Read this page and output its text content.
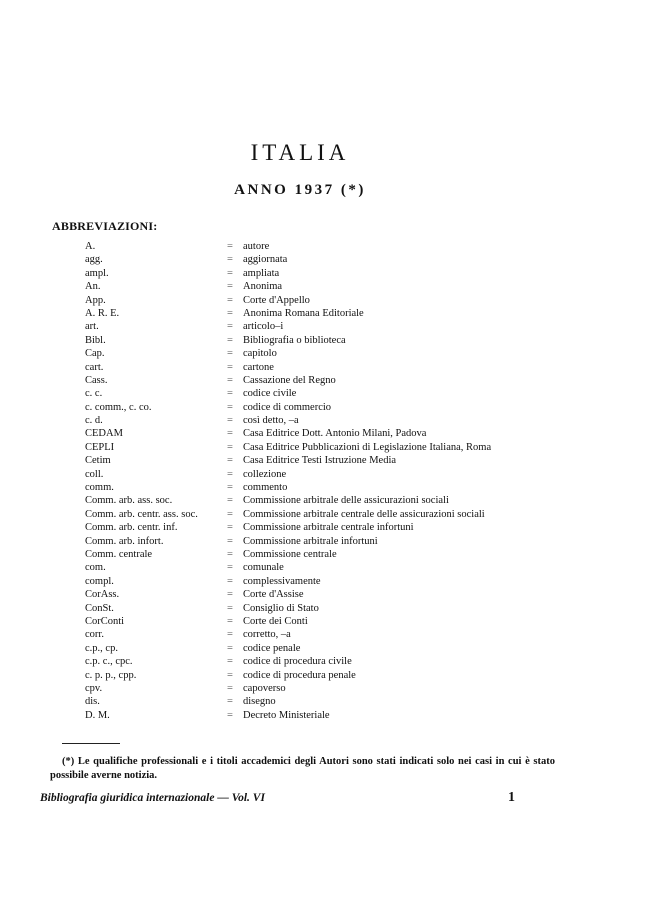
ITALIA
ANNO 1937 (*)
ABBREVIAZIONI:
A.	= autore
agg.	= aggiornata
ampl.	= ampliata
An.	= Anonima
App.	= Corte d'Appello
A. R. E.	= Anonima Romana Editoriale
art.	= articolo–i
Bibl.	= Bibliografia o biblioteca
Cap.	= capitolo
cart.	= cartone
Cass.	= Cassazione del Regno
c. c.	= codice civile
c. comm., c. co.	= codice di commercio
c. d.	= così detto, –a
CEDAM	= Casa Editrice Dott. Antonio Milani, Padova
CEPLI	= Casa Editrice Pubblicazioni di Legislazione Italiana, Roma
Cetim	= Casa Editrice Testi Istruzione Media
coll.	= collezione
comm.	= commento
Comm. arb. ass. soc.	= Commissione arbitrale delle assicurazioni sociali
Comm. arb. centr. ass. soc.	= Commissione arbitrale centrale delle assicurazioni sociali
Comm. arb. centr. inf.	= Commissione arbitrale centrale infortuni
Comm. arb. infort.	= Commissione arbitrale infortuni
Comm. centrale	= Commissione centrale
com.	= comunale
compl.	= complessivamente
CorAss.	= Corte d'Assise
ConSt.	= Consiglio di Stato
CorConti	= Corte dei Conti
corr.	= corretto, –a
c.p., cp.	= codice penale
c.p. c., cpc.	= codice di procedura civile
c. p. p., cpp.	= codice di procedura penale
cpv.	= capoverso
dis.	= disegno
D. M.	= Decreto Ministeriale
(*) Le qualifiche professionali e i titoli accademici degli Autori sono stati indicati solo nei casi in cui è stato possibile averne notizia.
Bibliografia giuridica internazionale — Vol. VI	1
